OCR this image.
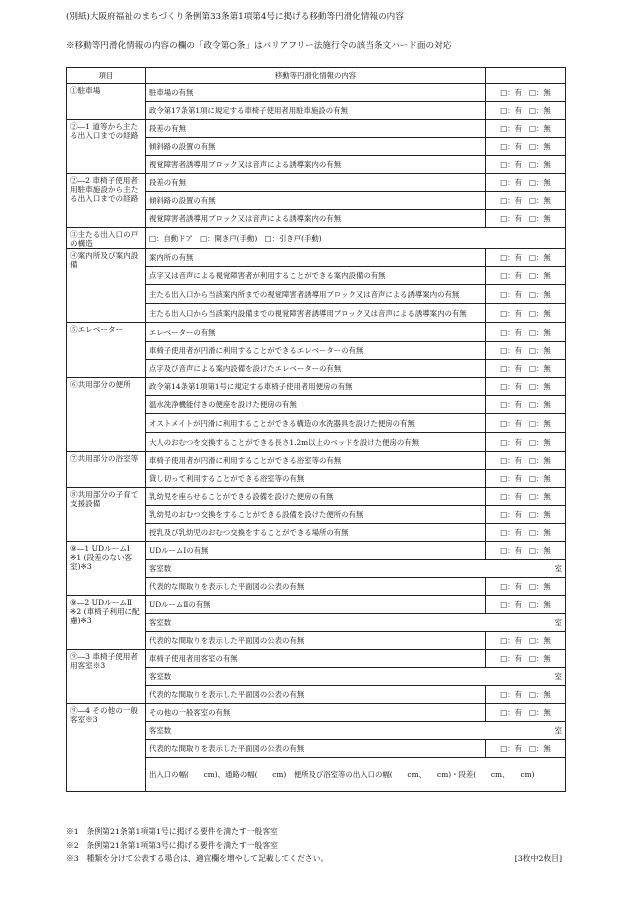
(別紙)大阪府福祉のまちづくり条例第33条第1項第4号に掲げる移動等円滑化情報の内容
※移動等円滑化情報の内容の欄の「政令第○条」はバリアフリー法施行令の該当条文ハード面の対応
項目	移動等円滑化情報の内容	
①駐車場	駐車場の有無	□：有 □：無
	政令第17条第1項に規定する車椅子使用者用駐車施設の有無	□：有 □：無
②―1 道等から主たる出入口までの経路	段差の有無	□：有 □：無
	傾斜路の設置の有無	□：有 □：無
	視覚障害者誘導用ブロック又は音声による誘導案内の有無	□：有 □：無
②―2 車椅子使用者用駐車施設から主たる出入口までの経路	段差の有無	□：有 □：無
	傾斜路の設置の有無	□：有 □：無
	視覚障害者誘導用ブロック又は音声による誘導案内の有無	□：有 □：無
③主たる出入口の戸の構造	□：自動ドア　□：開き戸(手動)　□：引き戸(手動)	
④案内所及び案内設備	案内所の有無	□：有 □：無
	点字又は音声による視覚障害者が利用することができる案内設備の有無	□：有 □：無
	主たる出入口から当該案内所までの視覚障害者誘導用ブロック又は音声による誘導案内の有無	□：有 □：無
	主たる出入口から当該案内設備までの視覚障害者誘導用ブロック又は音声による誘導案内の有無	□：有 □：無
⑤エレベーター	エレベーターの有無	□：有 □：無
	車椅子使用者が円滑に利用することができるエレベーターの有無	□：有 □：無
	点字及び音声による案内設備を設けたエレベーターの有無	□：有 □：無
⑥共用部分の便所	政令第14条第1項第1号に規定する車椅子使用者用便房の有無	□：有 □：無
	温水洗浄機能付きの便座を設けた便房の有無	□：有 □：無
	オストメイトが円滑に利用することができる構造の水洗器具を設けた便房の有無	□：有 □：無
	大人のおむつを交換することができる長さ1.2m以上のベッドを設けた便房の有無	□：有 □：無
⑦共用部分の浴室等	車椅子使用者が円滑に利用することができる浴室等の有無	□：有 □：無
	貸し切って利用することができる浴室等の有無	□：有 □：無
⑧共用部分の子育て支援設備	乳幼児を座らせることができる設備を設けた便房の有無	□：有 □：無
	乳幼児のおむつ交換をすることができる設備を設けた便所の有無	□：有 □：無
	授乳及び乳幼児のおむつ交換をすることができる場所の有無	□：有 □：無
⑨―1 UDルームⅠ ※1 (段差のない客室)※3	UDルームⅠの有無	□：有 □：無
	客室数 室	

	代表的な間取りを表示した平面図の公表の有無	□：有 □：無
⑨―2 UDルームⅡ ※2 (車椅子利用に配慮)※3	UDルームⅡの有無	□：有 □：無
	客室数 室	

	代表的な間取りを表示した平面図の公表の有無	□：有 □：無
⑨―3 車椅子使用者用客室※3	車椅子使用者用客室の有無	□：有 □：無
	客室数 室	

	代表的な間取りを表示した平面図の公表の有無	□：有 □：無
⑨―4 その他の一般客室※3	その他の一般客室の有無	□：有 □：無
	客室数 室	

	代表的な間取りを表示した平面図の公表の有無	□：有 □：無
	出入口の幅(　　cm)、通路の幅(　　cm)　便所及び浴室等の出入口の幅(　　cm、　　cm)・段差(　　cm、　　cm)	
※1　条例第21条第1項第1号に掲げる要件を満たす一般客室
※2　条例第21条第1項第3号に掲げる要件を満たす一般客室
※3　種類を分けて公表する場合は、適宜欄を増やして記載してください。	[3枚中2枚目]
